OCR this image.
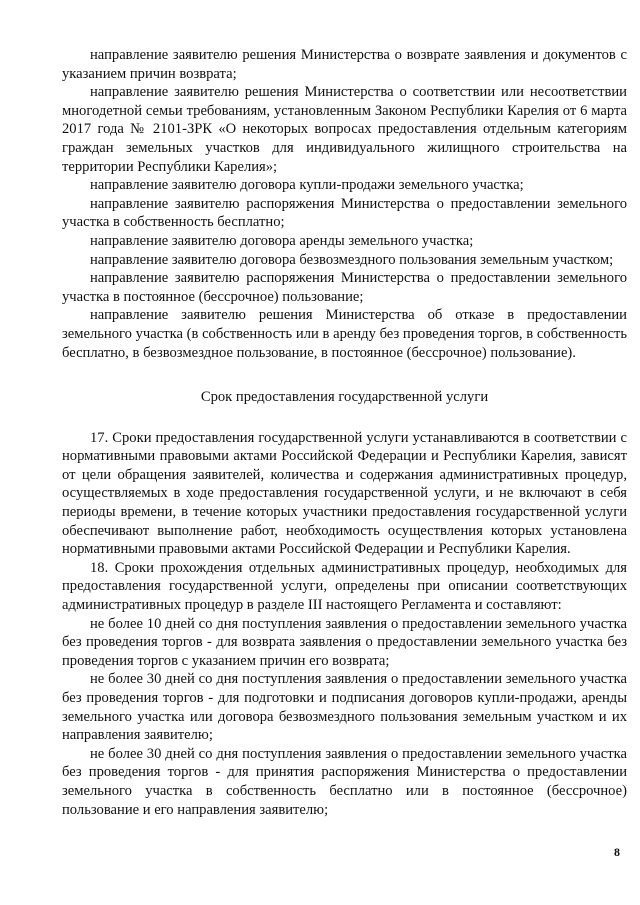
направление заявителю решения Министерства о возврате заявления и документов с указанием причин возврата;

направление заявителю решения Министерства о соответствии или несоответствии многодетной семьи требованиям, установленным Законом Республики Карелия от 6 марта 2017 года № 2101-ЗРК «О некоторых вопросах предоставления отдельным категориям граждан земельных участков для индивидуального жилищного строительства на территории Республики Карелия»;

направление заявителю договора купли-продажи земельного участка;

направление заявителю распоряжения Министерства о предоставлении земельного участка в собственность бесплатно;

направление заявителю договора аренды земельного участка;

направление заявителю договора безвозмездного пользования земельным участком;

направление заявителю распоряжения Министерства о предоставлении земельного участка в постоянное (бессрочное) пользование;

направление заявителю решения Министерства об отказе в предоставлении земельного участка (в собственность или в аренду без проведения торгов, в собственность бесплатно, в безвозмездное пользование, в постоянное (бессрочное) пользование).

Срок предоставления государственной услуги

17. Сроки предоставления государственной услуги устанавливаются в соответствии с нормативными правовыми актами Российской Федерации и Республики Карелия, зависят от цели обращения заявителей, количества и содержания административных процедур, осуществляемых в ходе предоставления государственной услуги, и не включают в себя периоды времени, в течение которых участники предоставления государственной услуги обеспечивают выполнение работ, необходимость осуществления которых установлена нормативными правовыми актами Российской Федерации и Республики Карелия.

18. Сроки прохождения отдельных административных процедур, необходимых для предоставления государственной услуги, определены при описании соответствующих административных процедур в разделе III настоящего Регламента и составляют:

не более 10 дней со дня поступления заявления о предоставлении земельного участка без проведения торгов - для возврата заявления о предоставлении земельного участка без проведения торгов с указанием причин его возврата;

не более 30 дней со дня поступления заявления о предоставлении земельного участка без проведения торгов - для подготовки и подписания договоров купли-продажи, аренды земельного участка или договора безвозмездного пользования земельным участком и их направления заявителю;

не более 30 дней со дня поступления заявления о предоставлении земельного участка без проведения торгов - для принятия распоряжения Министерства о предоставлении земельного участка в собственность бесплатно или в постоянное (бессрочное) пользование и его направления заявителю;

8
